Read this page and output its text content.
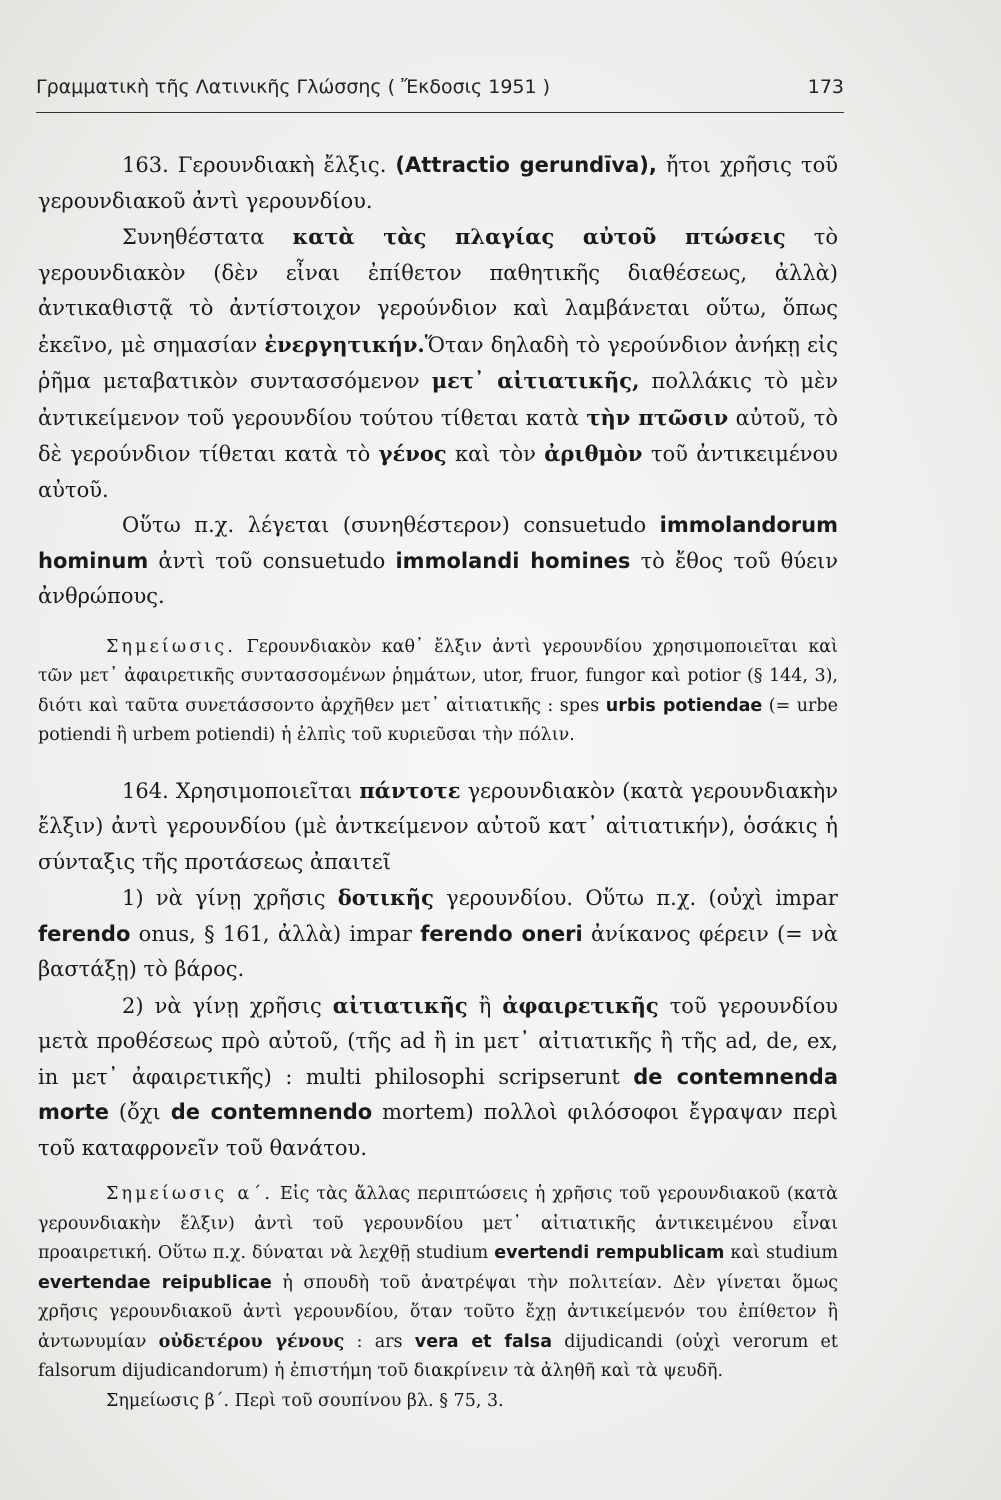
Γραμματικὴ τῆς Λατινικῆς Γλώσσης ( Ἔκδοσις 1951 )	173

163. Γερουνδιακὴ ἔλξις. (Attractio gerundīva), ἤτοι χρῆσις τοῦ γερουνδιακοῦ ἀντὶ γερουνδίου.

Συνηθέστατα κατὰ τὰς πλαγίας αὐτοῦ πτώσεις τὸ γερουνδιακὸν (δὲν εἶναι ἐπίθετον παθητικῆς διαθέσεως, ἀλλὰ) ἀντικαθιστᾷ τὸ ἀντίστοιχον γερούνδιον καὶ λαμβάνεται οὕτω, ὅπως ἐκεῖνο, μὲ σημασίαν ἐνεργητικήν.Ὅταν δηλαδὴ τὸ γερούνδιον ἀνήκῃ εἰς ῥῆμα μεταβατικὸν συντασσόμενον μετ᾽ αἰτιατικῆς, πολλάκις τὸ μὲν ἀντικείμενον τοῦ γερουνδίου τούτου τίθεται κατὰ τὴν πτῶσιν αὐτοῦ, τὸ δὲ γερούνδιον τίθεται κατὰ τὸ γένος καὶ τὸν ἀριθμὸν τοῦ ἀντικειμένου αὐτοῦ.

Οὕτω π.χ. λέγεται (συνηθέστερον) consuetudo immolandorum hominum ἀντὶ τοῦ consuetudo immolandi homines τὸ ἔθος τοῦ θύειν ἀνθρώπους.

Σημείωσις. Γερουνδιακὸν καθ᾽ ἔλξιν ἀντὶ γερουνδίου χρησιμοποιεῖται καὶ τῶν μετ᾽ ἀφαιρετικῆς συντασσομένων ῥημάτων, utor, fruor, fungor καὶ potior (§ 144, 3), διότι καὶ ταῦτα συνετάσσοντο ἀρχῆθεν μετ᾽ αἰτιατικῆς : spes urbis potiendae (= urbe potiendi ἢ urbem potiendi) ἡ ἐλπὶς τοῦ κυριεῦσαι τὴν πόλιν.

164. Χρησιμοποιεῖται πάντοτε γερουνδιακὸν (κατὰ γερουνδιακὴν ἔλξιν) ἀντὶ γερουνδίου (μὲ ἀντκείμενον αὐτοῦ κατ᾽ αἰτιατικήν), ὁσάκις ἡ σύνταξις τῆς προτάσεως ἀπαιτεῖ

1) νὰ γίνῃ χρῆσις δοτικῆς γερουνδίου. Οὕτω π.χ. (οὐχὶ impar ferendo onus, § 161, ἀλλὰ) impar ferendo oneri ἀνίκανος φέρειν (= νὰ βαστάξῃ) τὸ βάρος.

2) νὰ γίνῃ χρῆσις αἰτιατικῆς ἢ ἀφαιρετικῆς τοῦ γερουνδίου μετὰ προθέσεως πρὸ αὐτοῦ, (τῆς ad ἢ in μετ᾽ αἰτιατικῆς ἢ τῆς ad, de, ex, in μετ᾽ ἀφαιρετικῆς) : multi philosophi scripserunt de contemnenda morte (ὄχι de contemnendo mortem) πολλοὶ φιλόσοφοι ἔγραψαν περὶ τοῦ καταφρονεῖν τοῦ θανάτου.

Σημείωσις α΄. Εἰς τὰς ἄλλας περιπτώσεις ἡ χρῆσις τοῦ γερουνδιακοῦ (κατὰ γερουνδιακὴν ἔλξιν) ἀντὶ τοῦ γερουνδίου μετ᾽ αἰτιατικῆς ἀντικειμένου εἶναι προαιρετική. Οὕτω π.χ. δύναται νὰ λεχθῇ studium evertendi rempublicam καὶ studium evertendae reipublicae ἡ σπουδὴ τοῦ ἀνατρέψαι τὴν πολιτείαν. Δὲν γίνεται ὅμως χρῆσις γερουνδιακοῦ ἀντὶ γερουνδίου, ὅταν τοῦτο ἔχῃ ἀντικείμενόν του ἐπίθετον ἢ ἀντωνυμίαν οὐδετέρου γένους : ars vera et falsa dijudicandi (οὐχὶ verorum et falsorum dijudicandorum) ἡ ἐπιστήμη τοῦ διακρίνειν τὰ ἀληθῆ καὶ τὰ ψευδῆ.

Σημείωσις β΄. Περὶ τοῦ σουπίνου βλ. § 75, 3.
